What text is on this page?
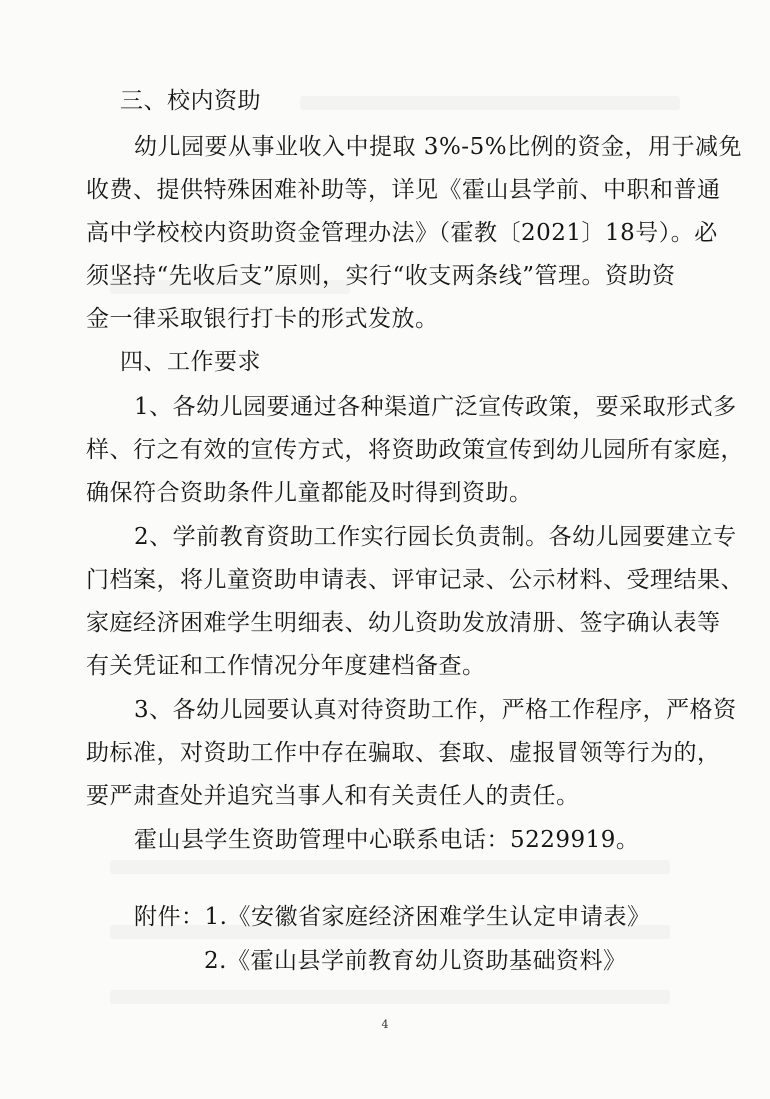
三、校内资助
幼儿园要从事业收入中提取 3%-5%比例的资金，用于减免
收费、提供特殊困难补助等，详见《霍山县学前、中职和普通
高中学校校内资助资金管理办法》（霍教〔2021〕18号）。必
须坚持“先收后支”原则，实行“收支两条线”管理。资助资
金一律采取银行打卡的形式发放。
四、工作要求
1、各幼儿园要通过各种渠道广泛宣传政策，要采取形式多
样、行之有效的宣传方式，将资助政策宣传到幼儿园所有家庭，
确保符合资助条件儿童都能及时得到资助。
2、学前教育资助工作实行园长负责制。各幼儿园要建立专
门档案，将儿童资助申请表、评审记录、公示材料、受理结果、
家庭经济困难学生明细表、幼儿资助发放清册、签字确认表等
有关凭证和工作情况分年度建档备查。
3、各幼儿园要认真对待资助工作，严格工作程序，严格资
助标准，对资助工作中存在骗取、套取、虚报冒领等行为的，
要严肃查处并追究当事人和有关责任人的责任。
霍山县学生资助管理中心联系电话：5229919。
附件：1.《安徽省家庭经济困难学生认定申请表》
2.《霍山县学前教育幼儿资助基础资料》
4
